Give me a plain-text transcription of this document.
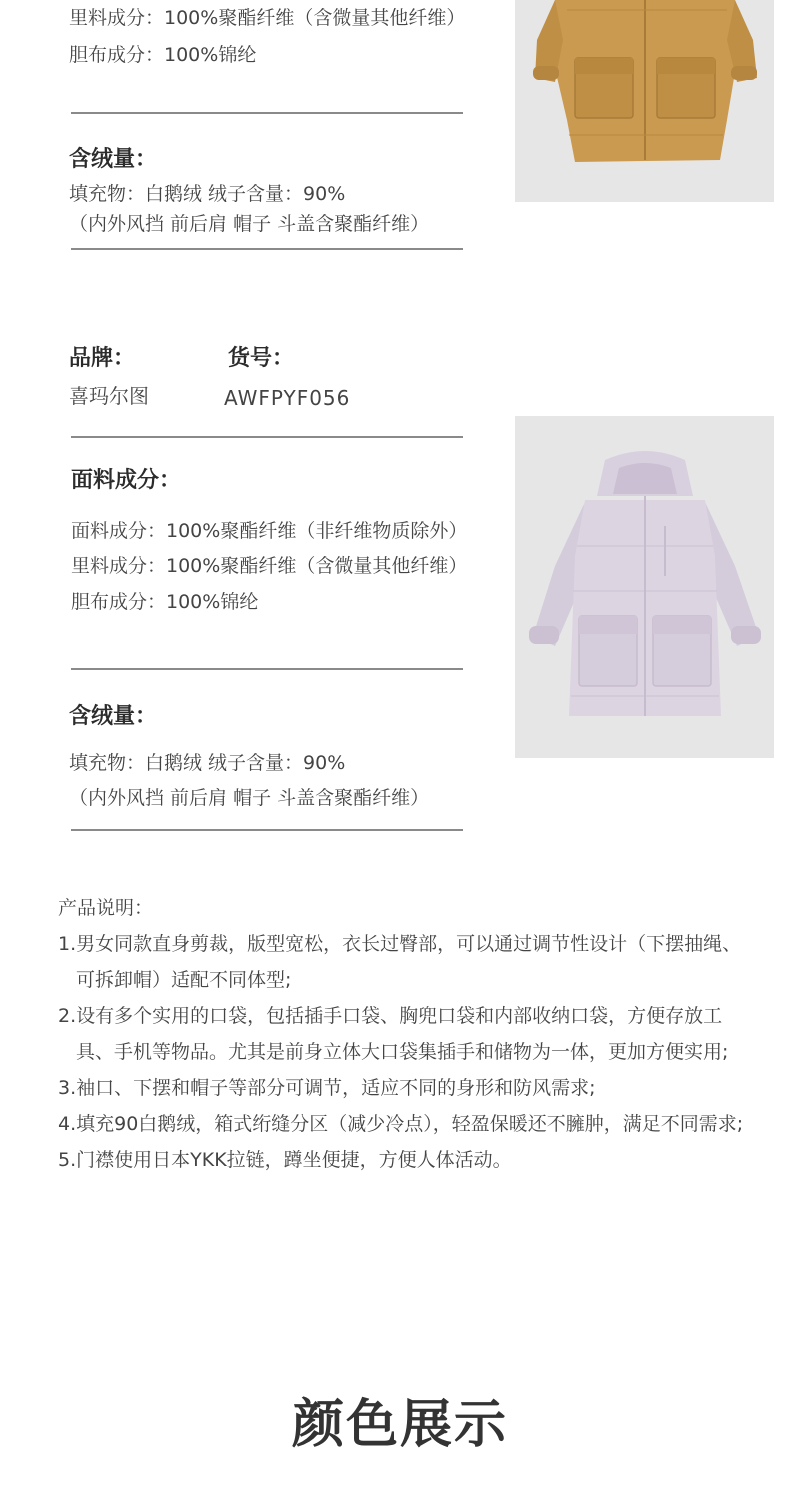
里料成分：100%聚酯纤维（含微量其他纤维）
胆布成分：100%锦纶
含绒量：
填充物：白鹅绒 绒子含量：90%
（内外风挡 前后肩 帽子 斗盖含聚酯纤维）
品牌：	货号：
喜玛尔图	AWFPYF056
面料成分：
面料成分：100%聚酯纤维（非纤维物质除外）
里料成分：100%聚酯纤维（含微量其他纤维）
胆布成分：100%锦纶
含绒量：
填充物：白鹅绒 绒子含量：90%
（内外风挡 前后肩 帽子 斗盖含聚酯纤维）
产品说明：
1.男女同款直身剪裁，版型宽松，衣长过臀部，可以通过调节性设计（下摆抽绳、可拆卸帽）适配不同体型;
2.设有多个实用的口袋，包括插手口袋、胸兜口袋和内部收纳口袋，方便存放工具、手机等物品。尤其是前身立体大口袋集插手和储物为一体，更加方便实用;
3.袖口、下摆和帽子等部分可调节，适应不同的身形和防风需求;
4.填充90白鹅绒，箱式绗缝分区（减少冷点），轻盈保暖还不臃肿，满足不同需求;
5.门襟使用日本YKK拉链，蹲坐便捷，方便人体活动。
颜色展示
